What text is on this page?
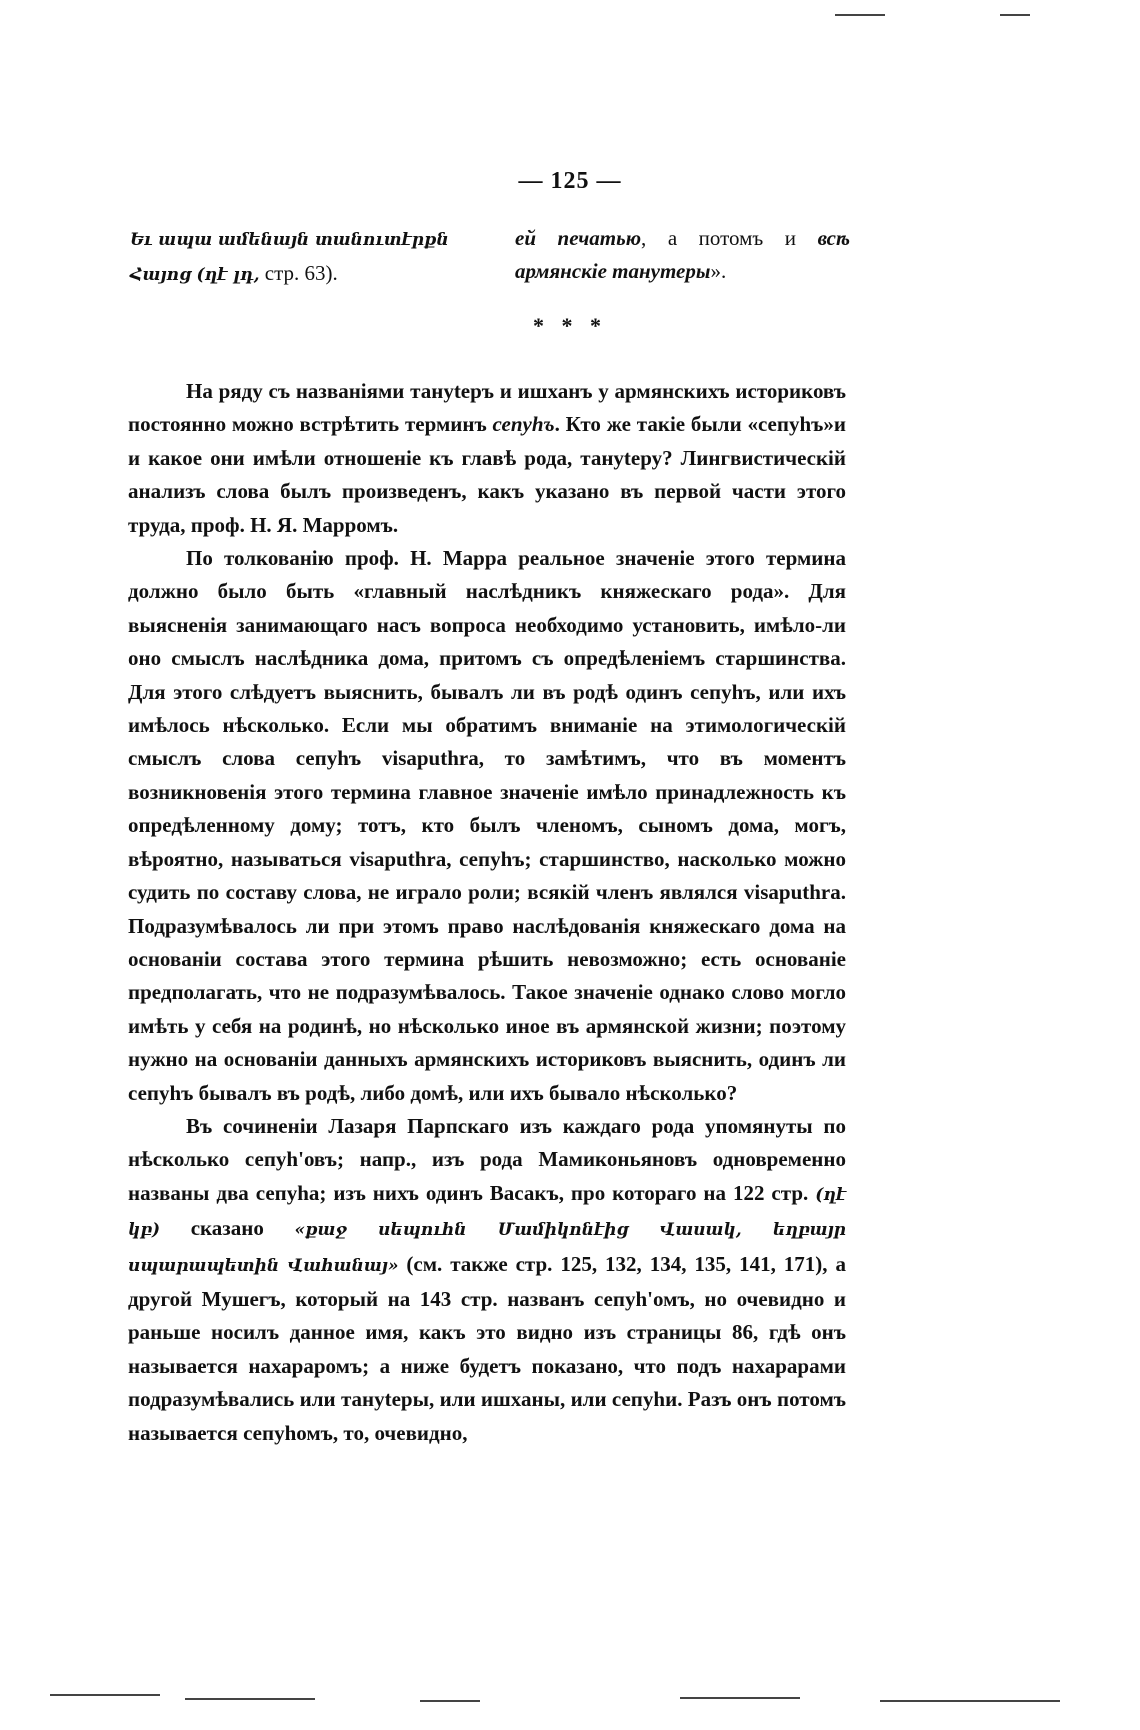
— 125 —
Եւ ապա ամենայն տանուտէրքն
Հայոց (ղէ լդ, стр. 63).
ей печатью, а потомъ и всѣ армянскіе танутеры».
* * *

На ряду съ названіями тануteръ и ишханъ у армянскихъ историковъ постоянно можно встрѣтить терминъ сепуhъ. Кто же такіе были «сепуhъ»и и какое они имѣли отношеніе къ главѣ рода, тануteру? Лингвистическій анализъ слова былъ произведенъ, какъ указано въ первой части этого труда, проф. Н. Я. Марромъ.

По толкованію проф. Н. Марра реальное значеніе этого термина должно было быть «главный наслѣдникъ княжескаго рода». Для выясненія занимающаго насъ вопроса необходимо установить, имѣло-ли оно смыслъ наслѣдника дома, притомъ съ опредѣленіемъ старшинства. Для этого слѣдуетъ выяснить, бывалъ ли въ родѣ одинъ сепуhъ, или ихъ имѣлось нѣсколько. Если мы обратимъ вниманіе на этимологическій смыслъ слова сепуhъ visaputhra, то замѣтимъ, что въ моментъ возникновенія этого термина главное значеніе имѣло принадлежность къ опредѣленному дому; тотъ, кто былъ членомъ, сыномъ дома, могъ, вѣроятно, называться visaputhra, сепуhъ; старшинство, насколько можно судить по составу слова, не играло роли; всякій членъ являлся visaputhra. Подразумѣвалось ли при этомъ право наслѣдованія княжескаго дома на основаніи состава этого термина рѣшить невозможно; есть основаніе предполагать, что не подразумѣвалось. Такое значеніе однако слово могло имѣть у себя на родинѣ, но нѣсколько иное въ армянской жизни; поэтому нужно на основаніи данныхъ армянскихъ историковъ выяснить, одинъ ли сепуhъ бывалъ въ родѣ, либо домѣ, или ихъ бывало нѣсколько?

Въ сочиненіи Лазаря Парпскаго изъ каждаго рода упомянуты по нѣсколько сепуh'овъ; напр., изъ рода Мамиконьяновъ одновременно названы два сепуhа; изъ нихъ одинъ Васакъ, про котораго на 122 стр. (ղէ կբ) сказано «քաջ սեպուհն Մամիկոնէից Վասակ, եղբայր սպարապետին Վահանայ» (см. также стр. 125, 132, 134, 135, 141, 171), а другой Мушегъ, который на 143 стр. названъ сепуh'омъ, но очевидно и раньше носилъ данное имя, какъ это видно изъ страницы 86, гдѣ онъ называется нахараромъ; а ниже будетъ показано, что подъ нахарарами подразумѣвались или тануteры, или ишханы, или сепуhи. Разъ онъ потомъ называется сепуhомъ, то, очевидно,
